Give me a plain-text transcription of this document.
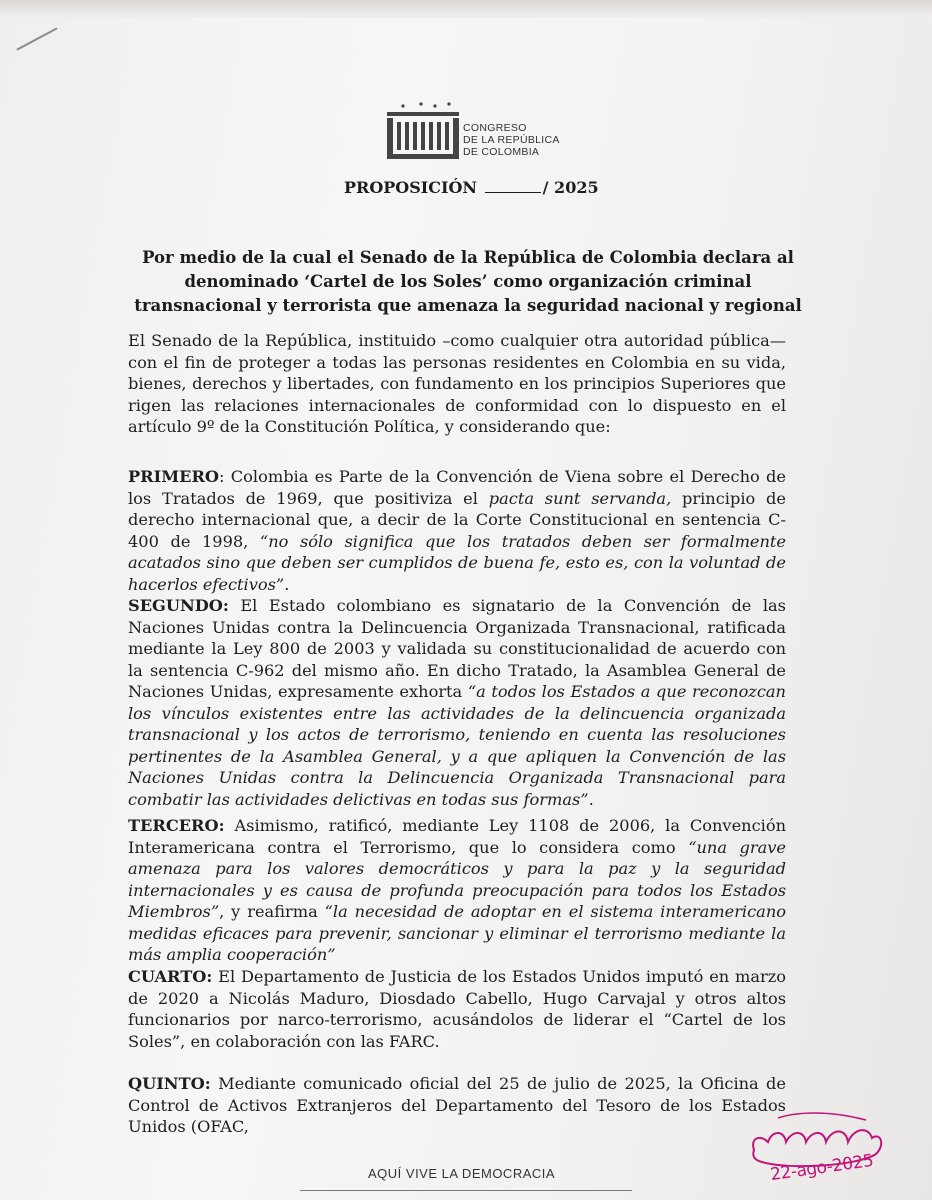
CONGRESO
DE LA REPÚBLICA
DE COLOMBIA
PROPOSICIÓN	/ 2025
Por medio de la cual el Senado de la República de Colombia declara al denominado ‘Cartel de los Soles’ como organización criminal transnacional y terrorista que amenaza la seguridad nacional y regional
El Senado de la República, instituido –como cualquier otra autoridad pública— con el fin de proteger a todas las personas residentes en Colombia en su vida, bienes, derechos y libertades, con fundamento en los principios Superiores que rigen las relaciones internacionales de conformidad con lo dispuesto en el artículo 9º de la Constitución Política, y considerando que:
PRIMERO: Colombia es Parte de la Convención de Viena sobre el Derecho de los Tratados de 1969, que positiviza el pacta sunt servanda, principio de derecho internacional que, a decir de la Corte Constitucional en sentencia C-400 de 1998, “no sólo significa que los tratados deben ser formalmente acatados sino que deben ser cumplidos de buena fe, esto es, con la voluntad de hacerlos efectivos”.
SEGUNDO: El Estado colombiano es signatario de la Convención de las Naciones Unidas contra la Delincuencia Organizada Transnacional, ratificada mediante la Ley 800 de 2003 y validada su constitucionalidad de acuerdo con la sentencia C-962 del mismo año. En dicho Tratado, la Asamblea General de Naciones Unidas, expresamente exhorta “a todos los Estados a que reconozcan los vínculos existentes entre las actividades de la delincuencia organizada transnacional y los actos de terrorismo, teniendo en cuenta las resoluciones pertinentes de la Asamblea General, y a que apliquen la Convención de las Naciones Unidas contra la Delincuencia Organizada Transnacional para combatir las actividades delictivas en todas sus formas”.
TERCERO: Asimismo, ratificó, mediante Ley 1108 de 2006, la Convención Interamericana contra el Terrorismo, que lo considera como “una grave amenaza para los valores democráticos y para la paz y la seguridad internacionales y es causa de profunda preocupación para todos los Estados Miembros”, y reafirma “la necesidad de adoptar en el sistema interamericano medidas eficaces para prevenir, sancionar y eliminar el terrorismo mediante la más amplia cooperación”
CUARTO: El Departamento de Justicia de los Estados Unidos imputó en marzo de 2020 a Nicolás Maduro, Diosdado Cabello, Hugo Carvajal y otros altos funcionarios por narco-terrorismo, acusándolos de liderar el “Cartel de los Soles”, en colaboración con las FARC.
QUINTO: Mediante comunicado oficial del 25 de julio de 2025, la Oficina de Control de Activos Extranjeros del Departamento del Tesoro de los Estados Unidos (OFAC,
AQUÍ VIVE LA DEMOCRACIA	22-ago-2025
